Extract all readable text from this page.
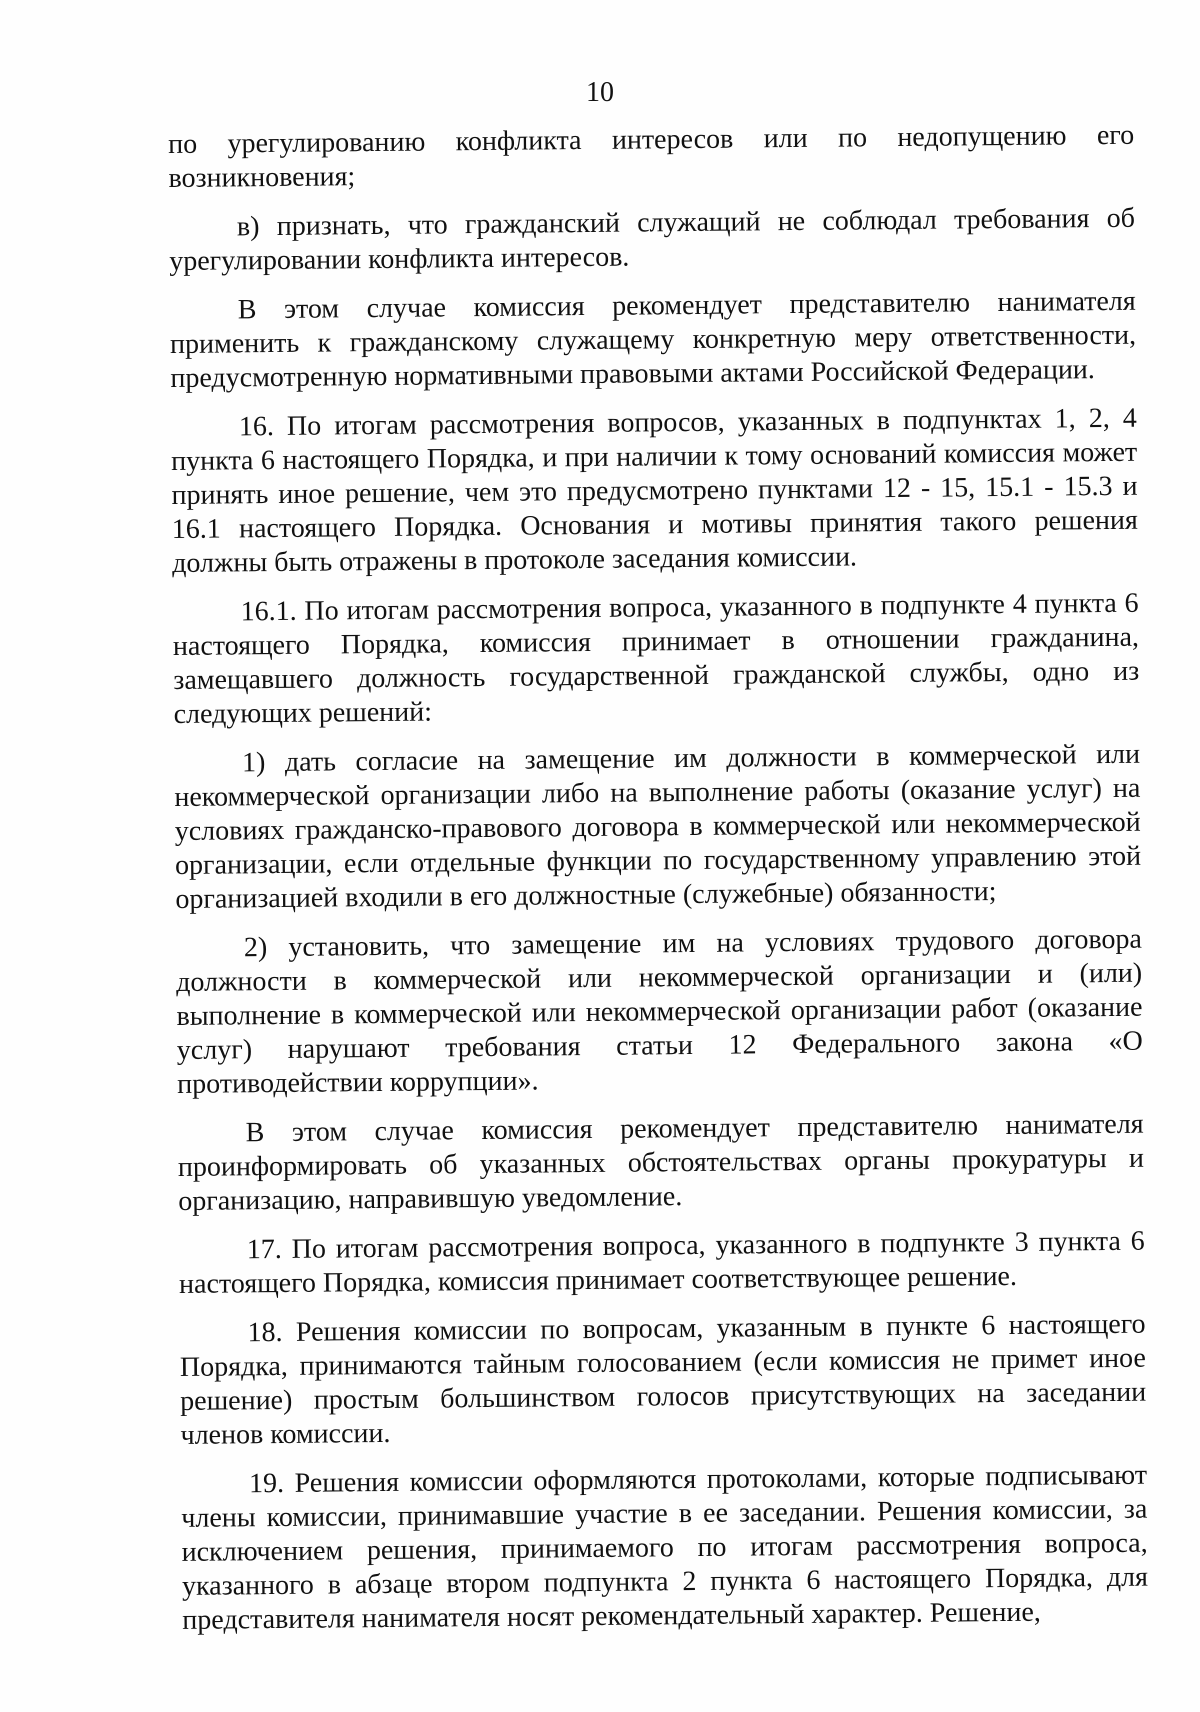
10

по урегулированию конфликта интересов или по недопущению его возникновения;

в) признать, что гражданский служащий не соблюдал требования об урегулировании конфликта интересов.

В этом случае комиссия рекомендует представителю нанимателя применить к гражданскому служащему конкретную меру ответственности, предусмотренную нормативными правовыми актами Российской Федерации.

16. По итогам рассмотрения вопросов, указанных в подпунктах 1, 2, 4 пункта 6 настоящего Порядка, и при наличии к тому оснований комиссия может принять иное решение, чем это предусмотрено пунктами 12 - 15, 15.1 - 15.3 и 16.1 настоящего Порядка. Основания и мотивы принятия такого решения должны быть отражены в протоколе заседания комиссии.

16.1. По итогам рассмотрения вопроса, указанного в подпункте 4 пункта 6 настоящего Порядка, комиссия принимает в отношении гражданина, замещавшего должность государственной гражданской службы, одно из следующих решений:

1) дать согласие на замещение им должности в коммерческой или некоммерческой организации либо на выполнение работы (оказание услуг) на условиях гражданско-правового договора в коммерческой или некоммерческой организации, если отдельные функции по государственному управлению этой организацией входили в его должностные (служебные) обязанности;

2) установить, что замещение им на условиях трудового договора должности в коммерческой или некоммерческой организации и (или) выполнение в коммерческой или некоммерческой организации работ (оказание услуг) нарушают требования статьи 12 Федерального закона «О противодействии коррупции».

В этом случае комиссия рекомендует представителю нанимателя проинформировать об указанных обстоятельствах органы прокуратуры и организацию, направившую уведомление.

17. По итогам рассмотрения вопроса, указанного в подпункте 3 пункта 6 настоящего Порядка, комиссия принимает соответствующее решение.

18. Решения комиссии по вопросам, указанным в пункте 6 настоящего Порядка, принимаются тайным голосованием (если комиссия не примет иное решение) простым большинством голосов присутствующих на заседании членов комиссии.

19. Решения комиссии оформляются протоколами, которые подписывают члены комиссии, принимавшие участие в ее заседании. Решения комиссии, за исключением решения, принимаемого по итогам рассмотрения вопроса, указанного в абзаце втором подпункта 2 пункта 6 настоящего Порядка, для представителя нанимателя носят рекомендательный характер. Решение,
